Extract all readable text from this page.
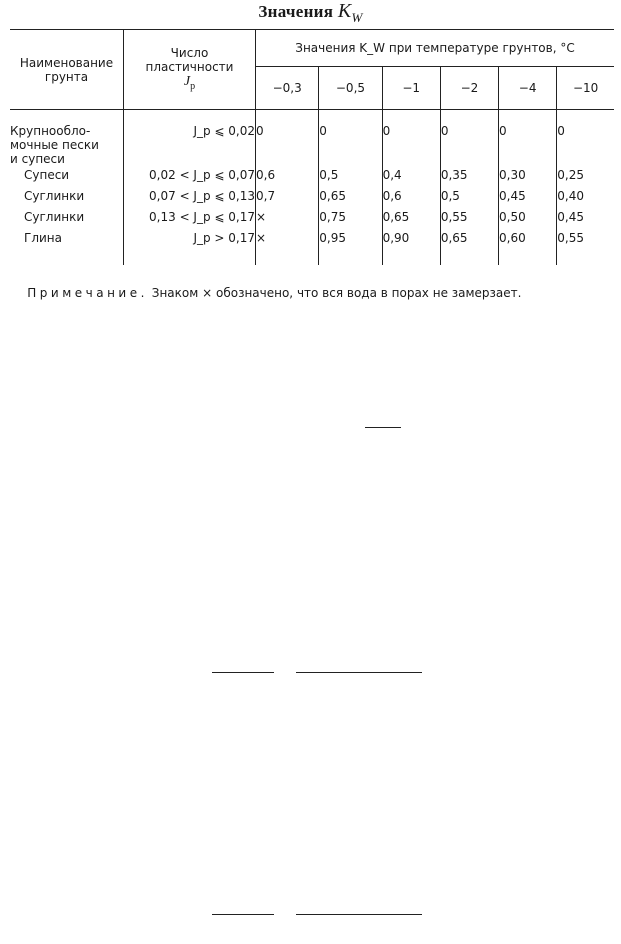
Значения $K_W$
Наименование грунта	Число
пластичности
$J_р$	Значения K_W при температуре грунтов, °С					
		−0,3	−0,5	−1	−2	−4	−10
Крупнообло-
мочные пески
и супеси	J_р ⩽ 0,02	0	0	0	0	0	0
Супеси	0,02 < J_р ⩽ 0,07	0,6	0,5	0,4	0,35	0,30	0,25
Суглинки	0,07 < J_р ⩽ 0,13	0,7	0,65	0,6	0,5	0,45	0,40
Суглинки	0,13 < J_р ⩽ 0,17	×	0,75	0,65	0,55	0,50	0,45
Глина	J_р > 0,17	×	0,95	0,90	0,65	0,60	0,55
Примечание. Знаком × обозначено, что вся вода в порах не замерзает.
